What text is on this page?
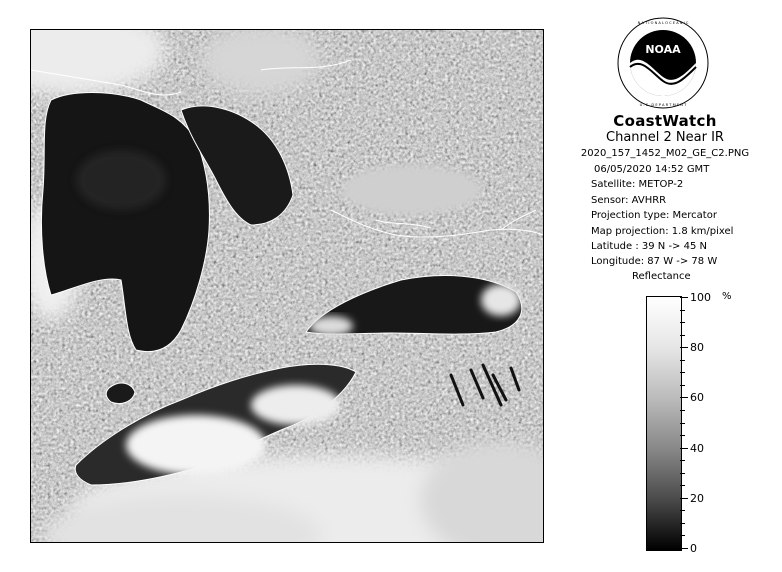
NOAA
N A T I O N A L O C E A N I C
U . S . D E P A R T M E N T
CoastWatch
Channel 2 Near IR
2020_157_1452_M02_GE_C2.PNG
06/05/2020 14:52 GMT
Satellite: METOP-2
Sensor: AVHRR
Projection type: Mercator
Map projection: 1.8 km/pixel
Latitude : 39 N -> 45 N
Longitude: 87 W -> 78 W
Reflectance
%
100
80
60
40
20
0
